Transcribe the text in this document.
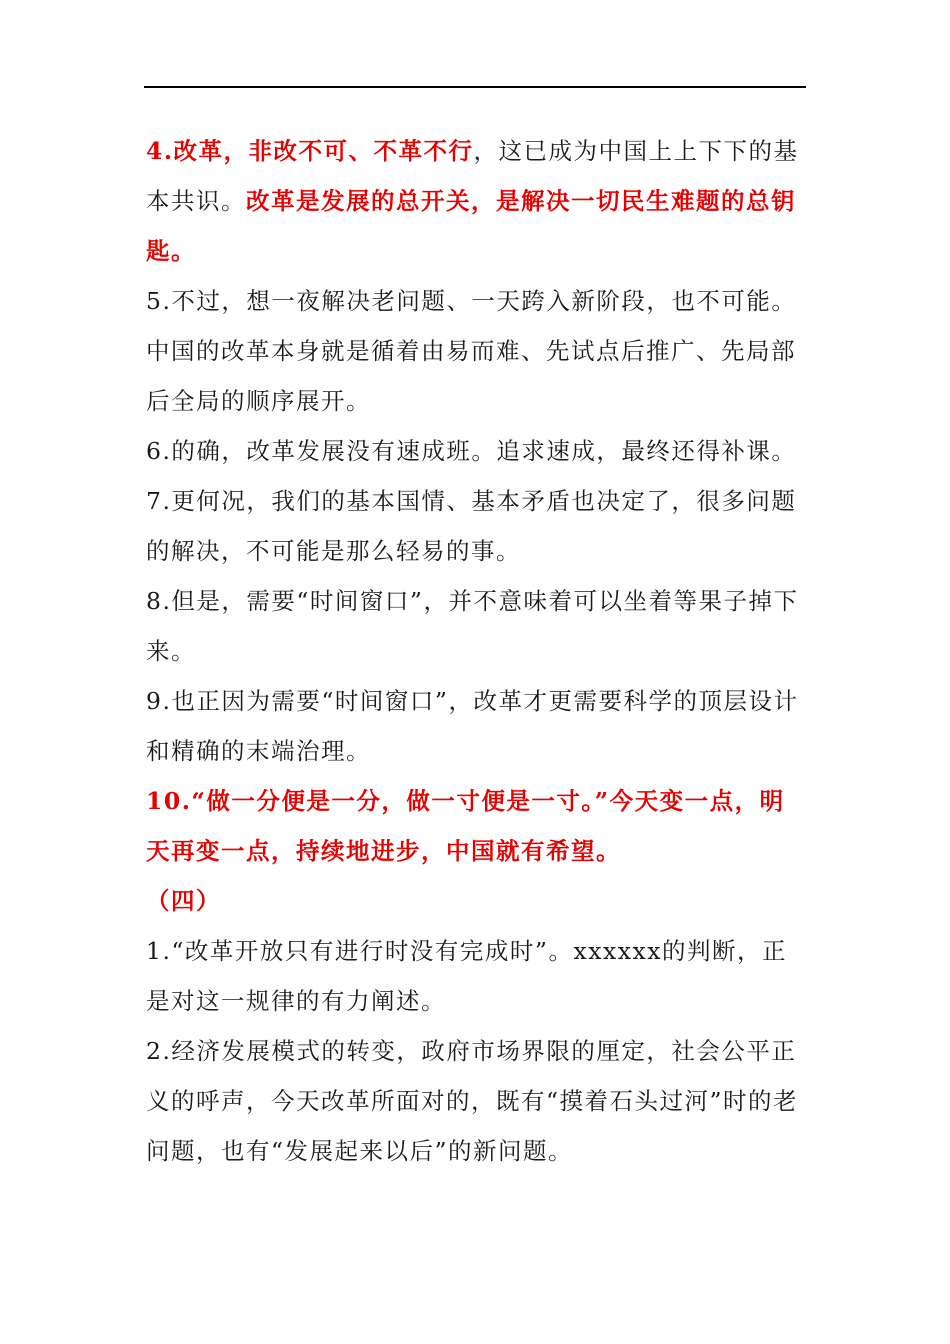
4.改革，非改不可、不革不行，这已成为中国上上下下的基本共识。改革是发展的总开关，是解决一切民生难题的总钥匙。

5.不过，想一夜解决老问题、一天跨入新阶段，也不可能。中国的改革本身就是循着由易而难、先试点后推广、先局部后全局的顺序展开。

6.的确，改革发展没有速成班。追求速成，最终还得补课。

7.更何况，我们的基本国情、基本矛盾也决定了，很多问题的解决，不可能是那么轻易的事。

8.但是，需要“时间窗口”，并不意味着可以坐着等果子掉下来。

9.也正因为需要“时间窗口”，改革才更需要科学的顶层设计和精确的末端治理。

10.“做一分便是一分，做一寸便是一寸。”今天变一点，明天再变一点，持续地进步，中国就有希望。

（四）

1.“改革开放只有进行时没有完成时”。xxxxxx的判断，正是对这一规律的有力阐述。

2.经济发展模式的转变，政府市场界限的厘定，社会公平正义的呼声，今天改革所面对的，既有“摸着石头过河”时的老问题，也有“发展起来以后”的新问题。
